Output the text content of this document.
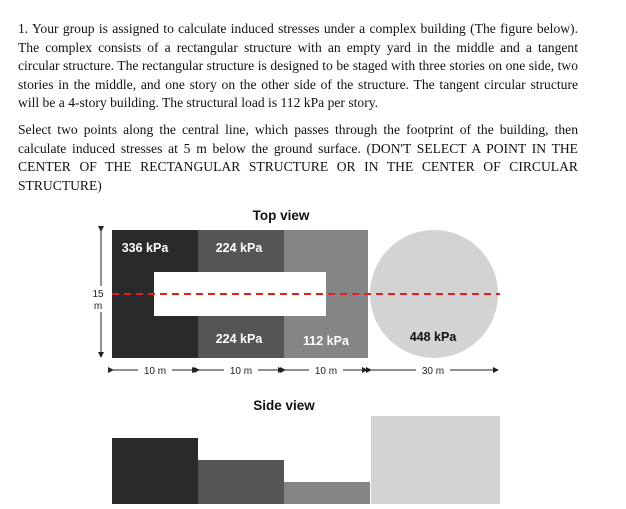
1. Your group is assigned to calculate induced stresses under a complex building (The figure below). The complex consists of a rectangular structure with an empty yard in the middle and a tangent circular structure. The rectangular structure is designed to be staged with three stories on one side, two stories in the middle, and one story on the other side of the structure. The tangent circular structure will be a 4-story building. The structural load is 112 kPa per story.
Select two points along the central line, which passes through the footprint of the building, then calculate induced stresses at 5 m below the ground surface. (DON'T SELECT A POINT IN THE CENTER OF THE RECTANGULAR STRUCTURE OR IN THE CENTER OF CIRCULAR STRUCTURE)
Top view
336 kPa	224 kPa
224 kPa	112 kPa	448 kPa
15
m
10 m	10 m	10 m	30 m
Side view
